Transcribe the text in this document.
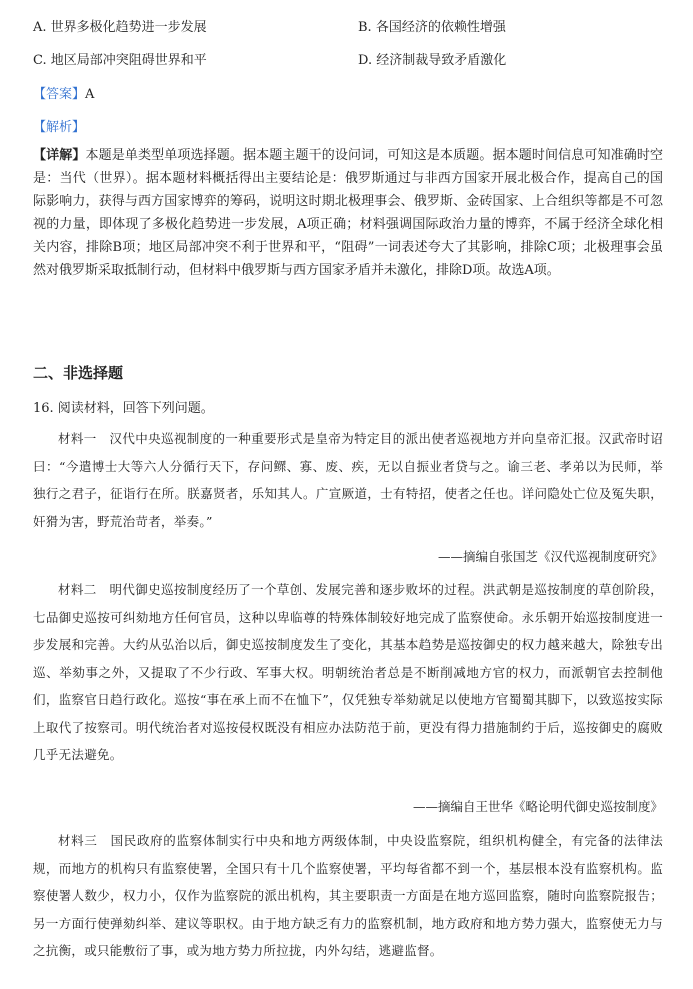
A. 世界多极化趋势进一步发展	B. 各国经济的依赖性增强
C. 地区局部冲突阻碍世界和平	D. 经济制裁导致矛盾激化
【答案】A
【解析】
【详解】本题是单类型单项选择题。据本题主题干的设问词，可知这是本质题。据本题时间信息可知准确时空是：当代（世界）。据本题材料概括得出主要结论是：俄罗斯通过与非西方国家开展北极合作，提高自己的国际影响力，获得与西方国家博弈的筹码，说明这时期北极理事会、俄罗斯、金砖国家、上合组织等都是不可忽视的力量，即体现了多极化趋势进一步发展，A项正确；材料强调国际政治力量的博弈，不属于经济全球化相关内容，排除B项；地区局部冲突不利于世界和平，“阻碍”一词表述夸大了其影响，排除C项；北极理事会虽然对俄罗斯采取抵制行动，但材料中俄罗斯与西方国家矛盾并未激化，排除D项。故选A项。
二、非选择题
16. 阅读材料，回答下列问题。
材料一　汉代中央巡视制度的一种重要形式是皇帝为特定目的派出使者巡视地方并向皇帝汇报。汉武帝时诏曰：“今遣博士大等六人分循行天下，存问鳏、寡、废、疾，无以自振业者贷与之。谕三老、孝弟以为民师，举独行之君子，征诣行在所。朕嘉贤者，乐知其人。广宣厥道，士有特招，使者之任也。详问隐处亡位及冤失职，奸猾为害，野荒治苛者，举奏。”
——摘编自张国芝《汉代巡视制度研究》
材料二　明代御史巡按制度经历了一个草创、发展完善和逐步败坏的过程。洪武朝是巡按制度的草创阶段，七品御史巡按可纠劾地方任何官员，这种以卑临尊的特殊体制较好地完成了监察使命。永乐朝开始巡按制度进一步发展和完善。大约从弘治以后，御史巡按制度发生了变化，其基本趋势是巡按御史的权力越来越大，除独专出巡、举劾事之外，又提取了不少行政、军事大权。明朝统治者总是不断削减地方官的权力，而派朝官去控制他们，监察官日趋行政化。巡按“事在承上而不在恤下”，仅凭独专举劾就足以使地方官蜀蜀其脚下，以致巡按实际上取代了按察司。明代统治者对巡按侵权既没有相应办法防范于前，更没有得力措施制约于后，巡按御史的腐败几乎无法避免。
——摘编自王世华《略论明代御史巡按制度》
材料三　国民政府的监察体制实行中央和地方两级体制，中央设监察院，组织机构健全，有完备的法律法规，而地方的机构只有监察使署，全国只有十几个监察使署，平均每省都不到一个，基层根本没有监察机构。监察使署人数少，权力小，仅作为监察院的派出机构，其主要职责一方面是在地方巡回监察，随时向监察院报告；另一方面行使弹劾纠举、建议等职权。由于地方缺乏有力的监察机制，地方政府和地方势力强大，监察使无力与之抗衡，或只能敷衍了事，或为地方势力所拉拢，内外勾结，逃避监督。
